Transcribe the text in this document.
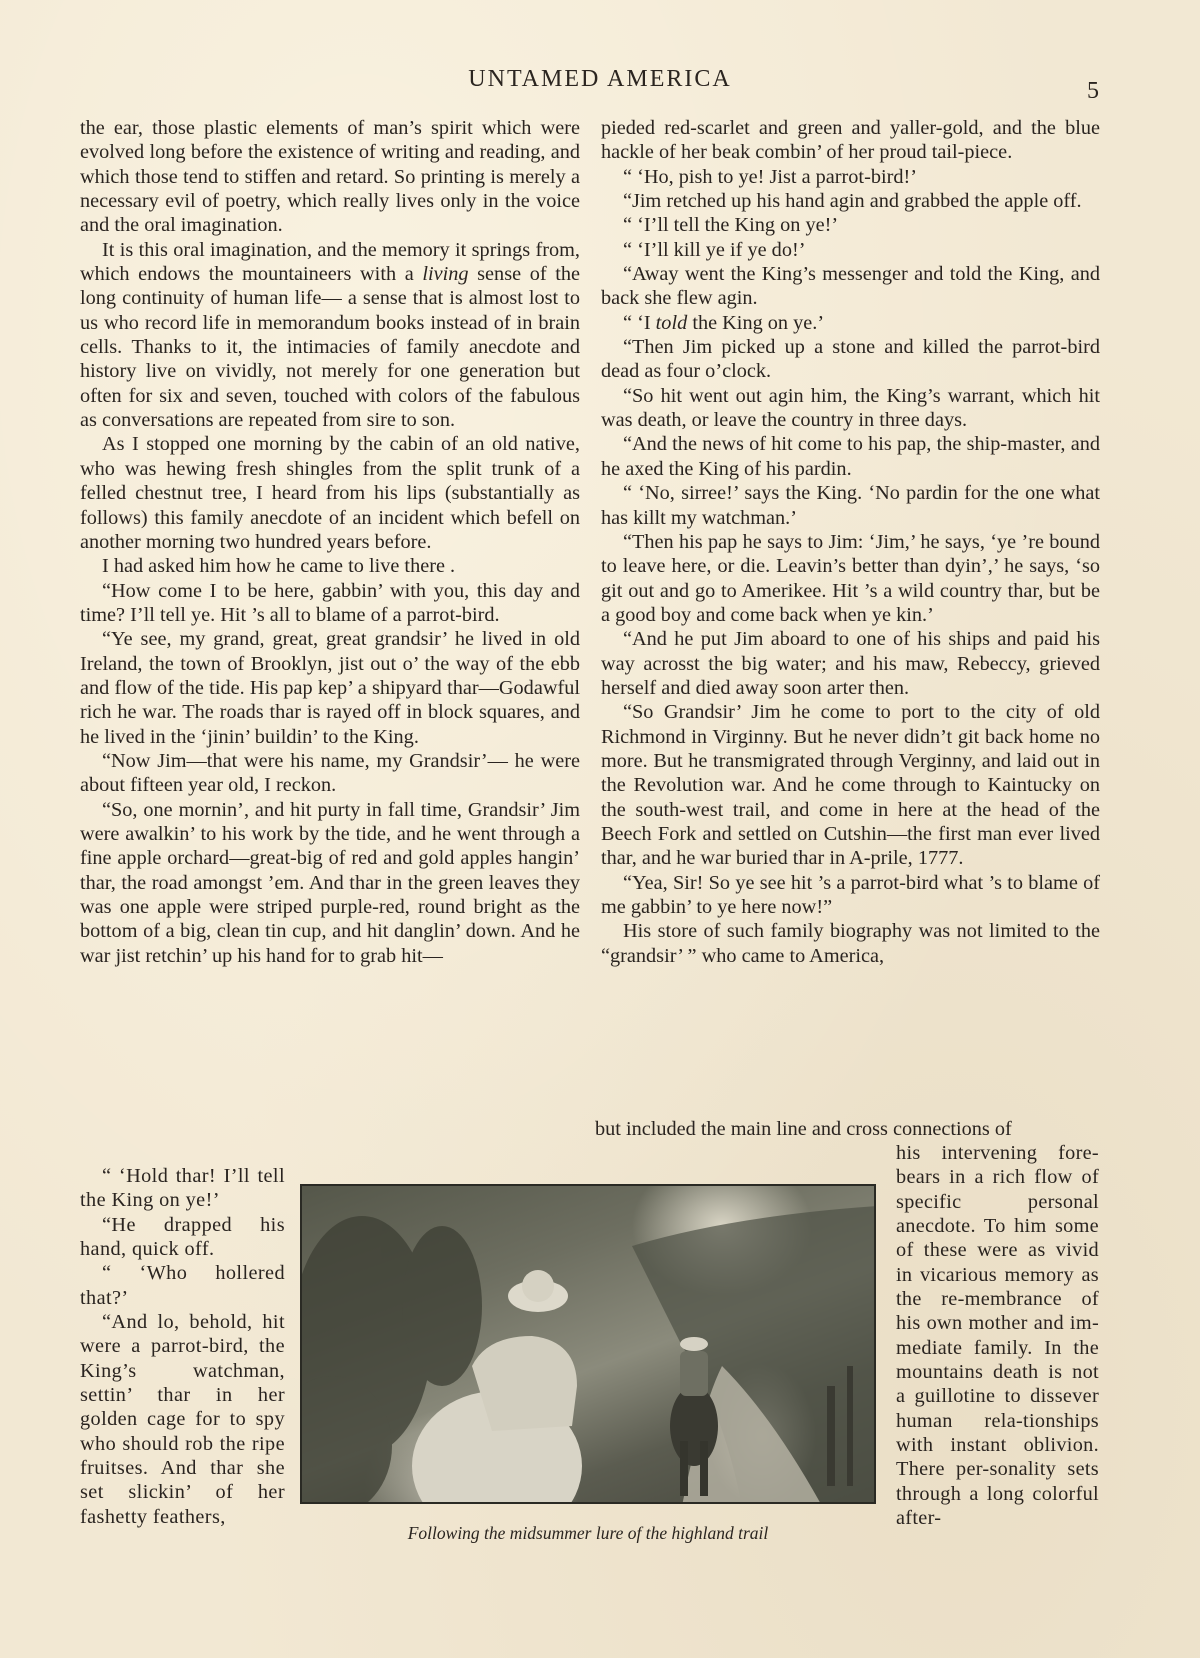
UNTAMED AMERICA	5

the ear, those plastic elements of man’s spirit which were evolved long before the existence of writing and reading, and which those tend to stiffen and retard. So printing is merely a necessary evil of poetry, which really lives only in the voice and the oral imagination.

It is this oral imagination, and the memory it springs from, which endows the mountaineers with a living sense of the long continuity of human life— a sense that is almost lost to us who record life in memorandum books instead of in brain cells. Thanks to it, the intimacies of family anecdote and history live on vividly, not merely for one generation but often for six and seven, touched with colors of the fabulous as conversations are repeated from sire to son.

As I stopped one morning by the cabin of an old native, who was hewing fresh shingles from the split trunk of a felled chestnut tree, I heard from his lips (substantially as follows) this family anecdote of an incident which befell on another morning two hundred years before.

I had asked him how he came to live there .

“How come I to be here, gabbin’ with you, this day and time? I’ll tell ye. Hit ’s all to blame of a parrot-bird.

“Ye see, my grand, great, great grandsir’ he lived in old Ireland, the town of Brooklyn, jist out o’ the way of the ebb and flow of the tide. His pap kep’ a shipyard thar—Godawful rich he war. The roads thar is rayed off in block squares, and he lived in the ‘jinin’ buildin’ to the King.

“Now Jim—that were his name, my Grandsir’— he were about fifteen year old, I reckon.

“So, one mornin’, and hit purty in fall time, Grandsir’ Jim were awalkin’ to his work by the tide, and he went through a fine apple orchard—great-big of red and gold apples hangin’ thar, the road amongst ’em. And thar in the green leaves they was one apple were striped purple-red, round bright as the bottom of a big, clean tin cup, and hit danglin’ down. And he war jist retchin’ up his hand for to grab hit—

“ ‘Hold thar! I’ll tell the King on ye!’

“He drapped his hand, quick off.

“ ‘Who hollered that?’

“And lo, behold, hit were a parrot-bird, the King’s watchman, settin’ thar in her golden cage for to spy who should rob the ripe fruitses. And thar she set slickin’ of her fashetty feathers,

pieded red-scarlet and green and yaller-gold, and the blue hackle of her beak combin’ of her proud tail-piece.

“ ‘Ho, pish to ye! Jist a parrot-bird!’

“Jim retched up his hand agin and grabbed the apple off.

“ ‘I’ll tell the King on ye!’

“ ‘I’ll kill ye if ye do!’

“Away went the King’s messenger and told the King, and back she flew agin.

“ ‘I told the King on ye.’

“Then Jim picked up a stone and killed the parrot-bird dead as four o’clock.

“So hit went out agin him, the King’s warrant, which hit was death, or leave the country in three days.

“And the news of hit come to his pap, the ship-master, and he axed the King of his pardin.

“ ‘No, sirree!’ says the King. ‘No pardin for the one what has killt my watchman.’

“Then his pap he says to Jim: ‘Jim,’ he says, ‘ye ’re bound to leave here, or die. Leavin’s better than dyin’,’ he says, ‘so git out and go to Amerikee. Hit ’s a wild country thar, but be a good boy and come back when ye kin.’

“And he put Jim aboard to one of his ships and paid his way acrosst the big water; and his maw, Rebeccy, grieved herself and died away soon arter then.

“So Grandsir’ Jim he come to port to the city of old Richmond in Virginny. But he never didn’t git back home no more. But he transmigrated through Verginny, and laid out in the Revolution war. And he come through to Kaintucky on the south-west trail, and come in here at the head of the Beech Fork and settled on Cutshin—the first man ever lived thar, and he war buried thar in A-prile, 1777.

“Yea, Sir! So ye see hit ’s a parrot-bird what ’s to blame of me gabbin’ to ye here now!”

His store of such family biography was not limited to the “grandsir’ ” who came to America,

but included the main line and cross connections of

his intervening fore-bears in a rich flow of specific personal anecdote. To him some of these were as vivid in vicarious memory as the re-membrance of his own mother and im-mediate family. In the mountains death is not a guillotine to dissever human rela-tionships with instant oblivion. There per-sonality sets through a long colorful after-

Following the midsummer lure of the highland trail
